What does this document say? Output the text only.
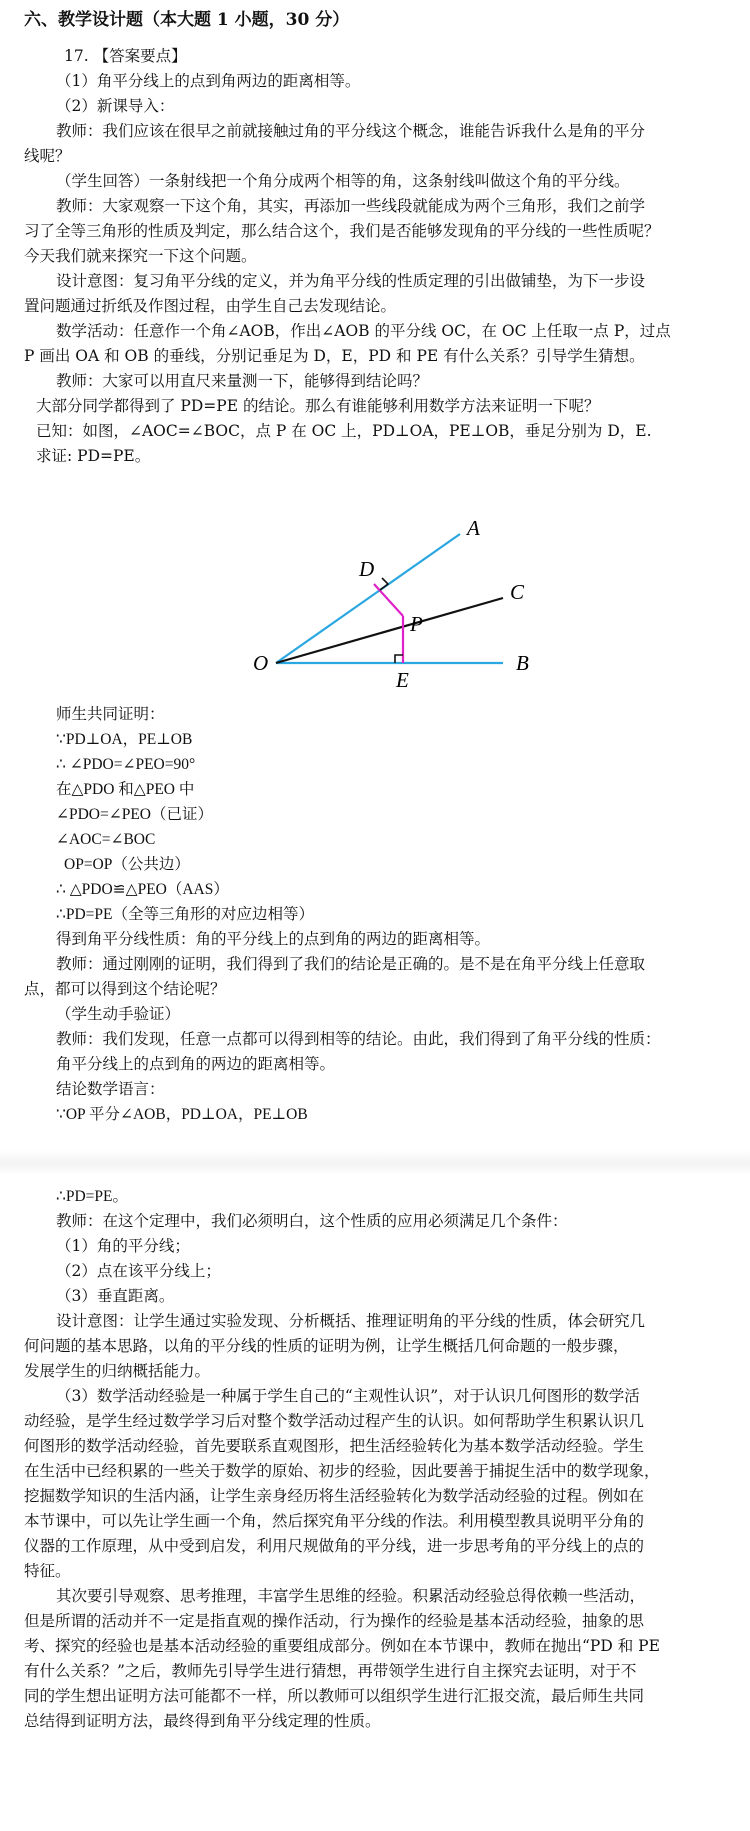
六、教学设计题（本大题 1 小题，30 分）
17. 【答案要点】
（1）角平分线上的点到角两边的距离相等。
（2）新课导入：
教师：我们应该在很早之前就接触过角的平分线这个概念，谁能告诉我什么是角的平分
线呢？
（学生回答）一条射线把一个角分成两个相等的角，这条射线叫做这个角的平分线。
教师：大家观察一下这个角，其实，再添加一些线段就能成为两个三角形，我们之前学
习了全等三角形的性质及判定，那么结合这个，我们是否能够发现角的平分线的一些性质呢？
今天我们就来探究一下这个问题。
设计意图：复习角平分线的定义，并为角平分线的性质定理的引出做铺垫，为下一步设
置问题通过折纸及作图过程，由学生自己去发现结论。
数学活动：任意作一个角∠AOB，作出∠AOB 的平分线 OC，在 OC 上任取一点 P，过点
P 画出 OA 和 OB 的垂线，分别记垂足为 D，E，PD 和 PE 有什么关系？引导学生猜想。
教师：大家可以用直尺来量测一下，能够得到结论吗？
大部分同学都得到了 PD=PE 的结论。那么有谁能够利用数学方法来证明一下呢？
已知：如图，∠AOC=∠BOC，点 P 在 OC 上，PD⊥OA，PE⊥OB，垂足分别为 D，E.
求证: PD=PE。
A
C
B
O
D
P
E
师生共同证明：
∵PD⊥OA，PE⊥OB
∴ ∠PDO=∠PEO=90°
在△PDO 和△PEO 中
∠PDO=∠PEO（已证）
∠AOC=∠BOC
OP=OP（公共边）
∴ △PDO≌△PEO（AAS）
∴PD=PE（全等三角形的对应边相等）
得到角平分线性质：角的平分线上的点到角的两边的距离相等。
教师：通过刚刚的证明，我们得到了我们的结论是正确的。是不是在角平分线上任意取
点，都可以得到这个结论呢？
（学生动手验证）
教师：我们发现，任意一点都可以得到相等的结论。由此，我们得到了角平分线的性质：
角平分线上的点到角的两边的距离相等。
结论数学语言：
∵OP 平分∠AOB，PD⊥OA，PE⊥OB
∴PD=PE。
教师：在这个定理中，我们必须明白，这个性质的应用必须满足几个条件：
（1）角的平分线；
（2）点在该平分线上；
（3）垂直距离。
设计意图：让学生通过实验发现、分析概括、推理证明角的平分线的性质，体会研究几
何问题的基本思路，以角的平分线的性质的证明为例，让学生概括几何命题的一般步骤，
发展学生的归纳概括能力。
（3）数学活动经验是一种属于学生自己的“主观性认识”，对于认识几何图形的数学活
动经验，是学生经过数学学习后对整个数学活动过程产生的认识。如何帮助学生积累认识几
何图形的数学活动经验，首先要联系直观图形，把生活经验转化为基本数学活动经验。学生
在生活中已经积累的一些关于数学的原始、初步的经验，因此要善于捕捉生活中的数学现象，
挖掘数学知识的生活内涵，让学生亲身经历将生活经验转化为数学活动经验的过程。例如在
本节课中，可以先让学生画一个角，然后探究角平分线的作法。利用模型教具说明平分角的
仪器的工作原理，从中受到启发，利用尺规做角的平分线，进一步思考角的平分线上的点的
特征。
其次要引导观察、思考推理，丰富学生思维的经验。积累活动经验总得依赖一些活动，
但是所谓的活动并不一定是指直观的操作活动，行为操作的经验是基本活动经验，抽象的思
考、探究的经验也是基本活动经验的重要组成部分。例如在本节课中，教师在抛出“PD 和 PE
有什么关系？”之后，教师先引导学生进行猜想，再带领学生进行自主探究去证明，对于不
同的学生想出证明方法可能都不一样，所以教师可以组织学生进行汇报交流，最后师生共同
总结得到证明方法，最终得到角平分线定理的性质。
